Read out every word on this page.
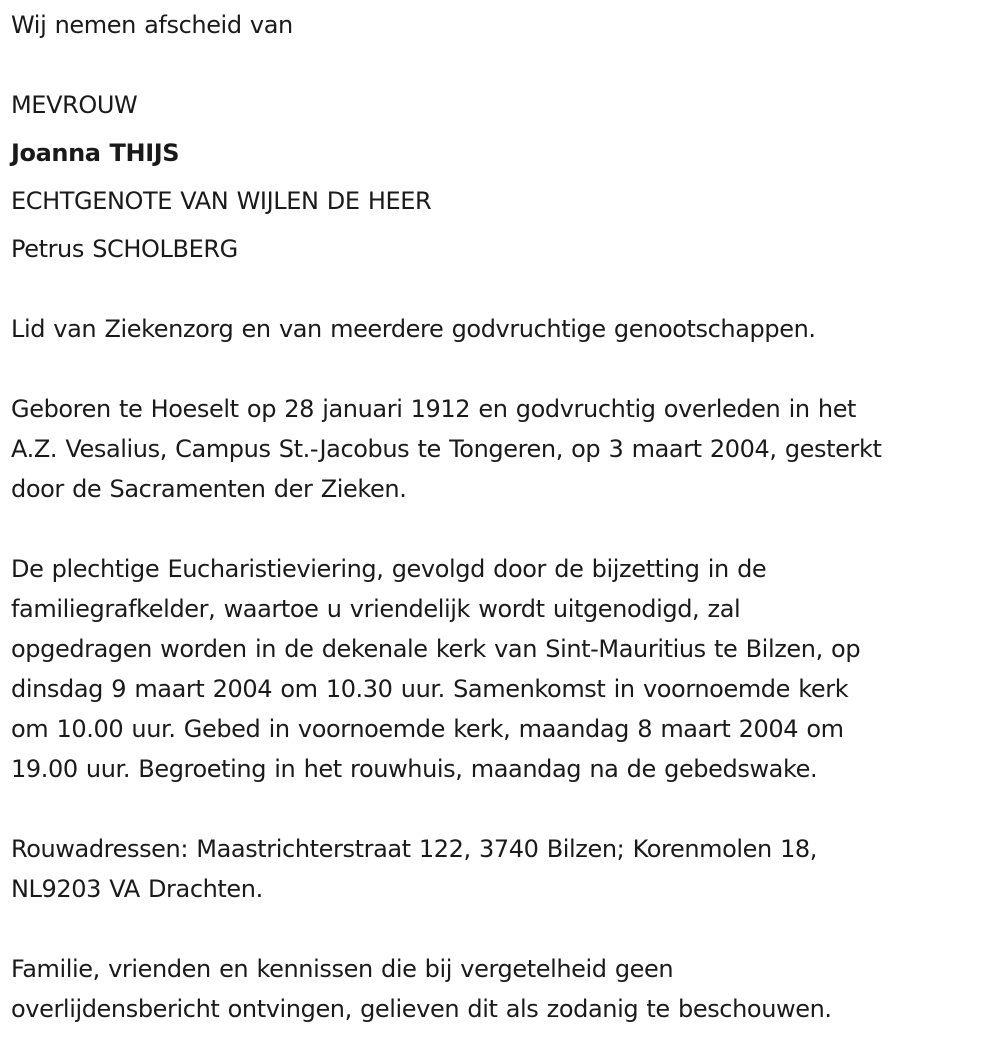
Wij nemen afscheid van
MEVROUW
Joanna THIJS
ECHTGENOTE VAN WIJLEN DE HEER
Petrus SCHOLBERG
Lid van Ziekenzorg en van meerdere godvruchtige genootschappen.
Geboren te Hoeselt op 28 januari 1912 en godvruchtig overleden in het
A.Z. Vesalius, Campus St.-Jacobus te Tongeren, op 3 maart 2004, gesterkt
door de Sacramenten der Zieken.
De plechtige Eucharistieviering, gevolgd door de bijzetting in de
familiegrafkelder, waartoe u vriendelijk wordt uitgenodigd, zal
opgedragen worden in de dekenale kerk van Sint-Mauritius te Bilzen, op
dinsdag 9 maart 2004 om 10.30 uur. Samenkomst in voornoemde kerk
om 10.00 uur. Gebed in voornoemde kerk, maandag 8 maart 2004 om
19.00 uur. Begroeting in het rouwhuis, maandag na de gebedswake.
Rouwadressen: Maastrichterstraat 122, 3740 Bilzen; Korenmolen 18,
NL9203 VA Drachten.
Familie, vrienden en kennissen die bij vergetelheid geen
overlijdensbericht ontvingen, gelieven dit als zodanig te beschouwen.
